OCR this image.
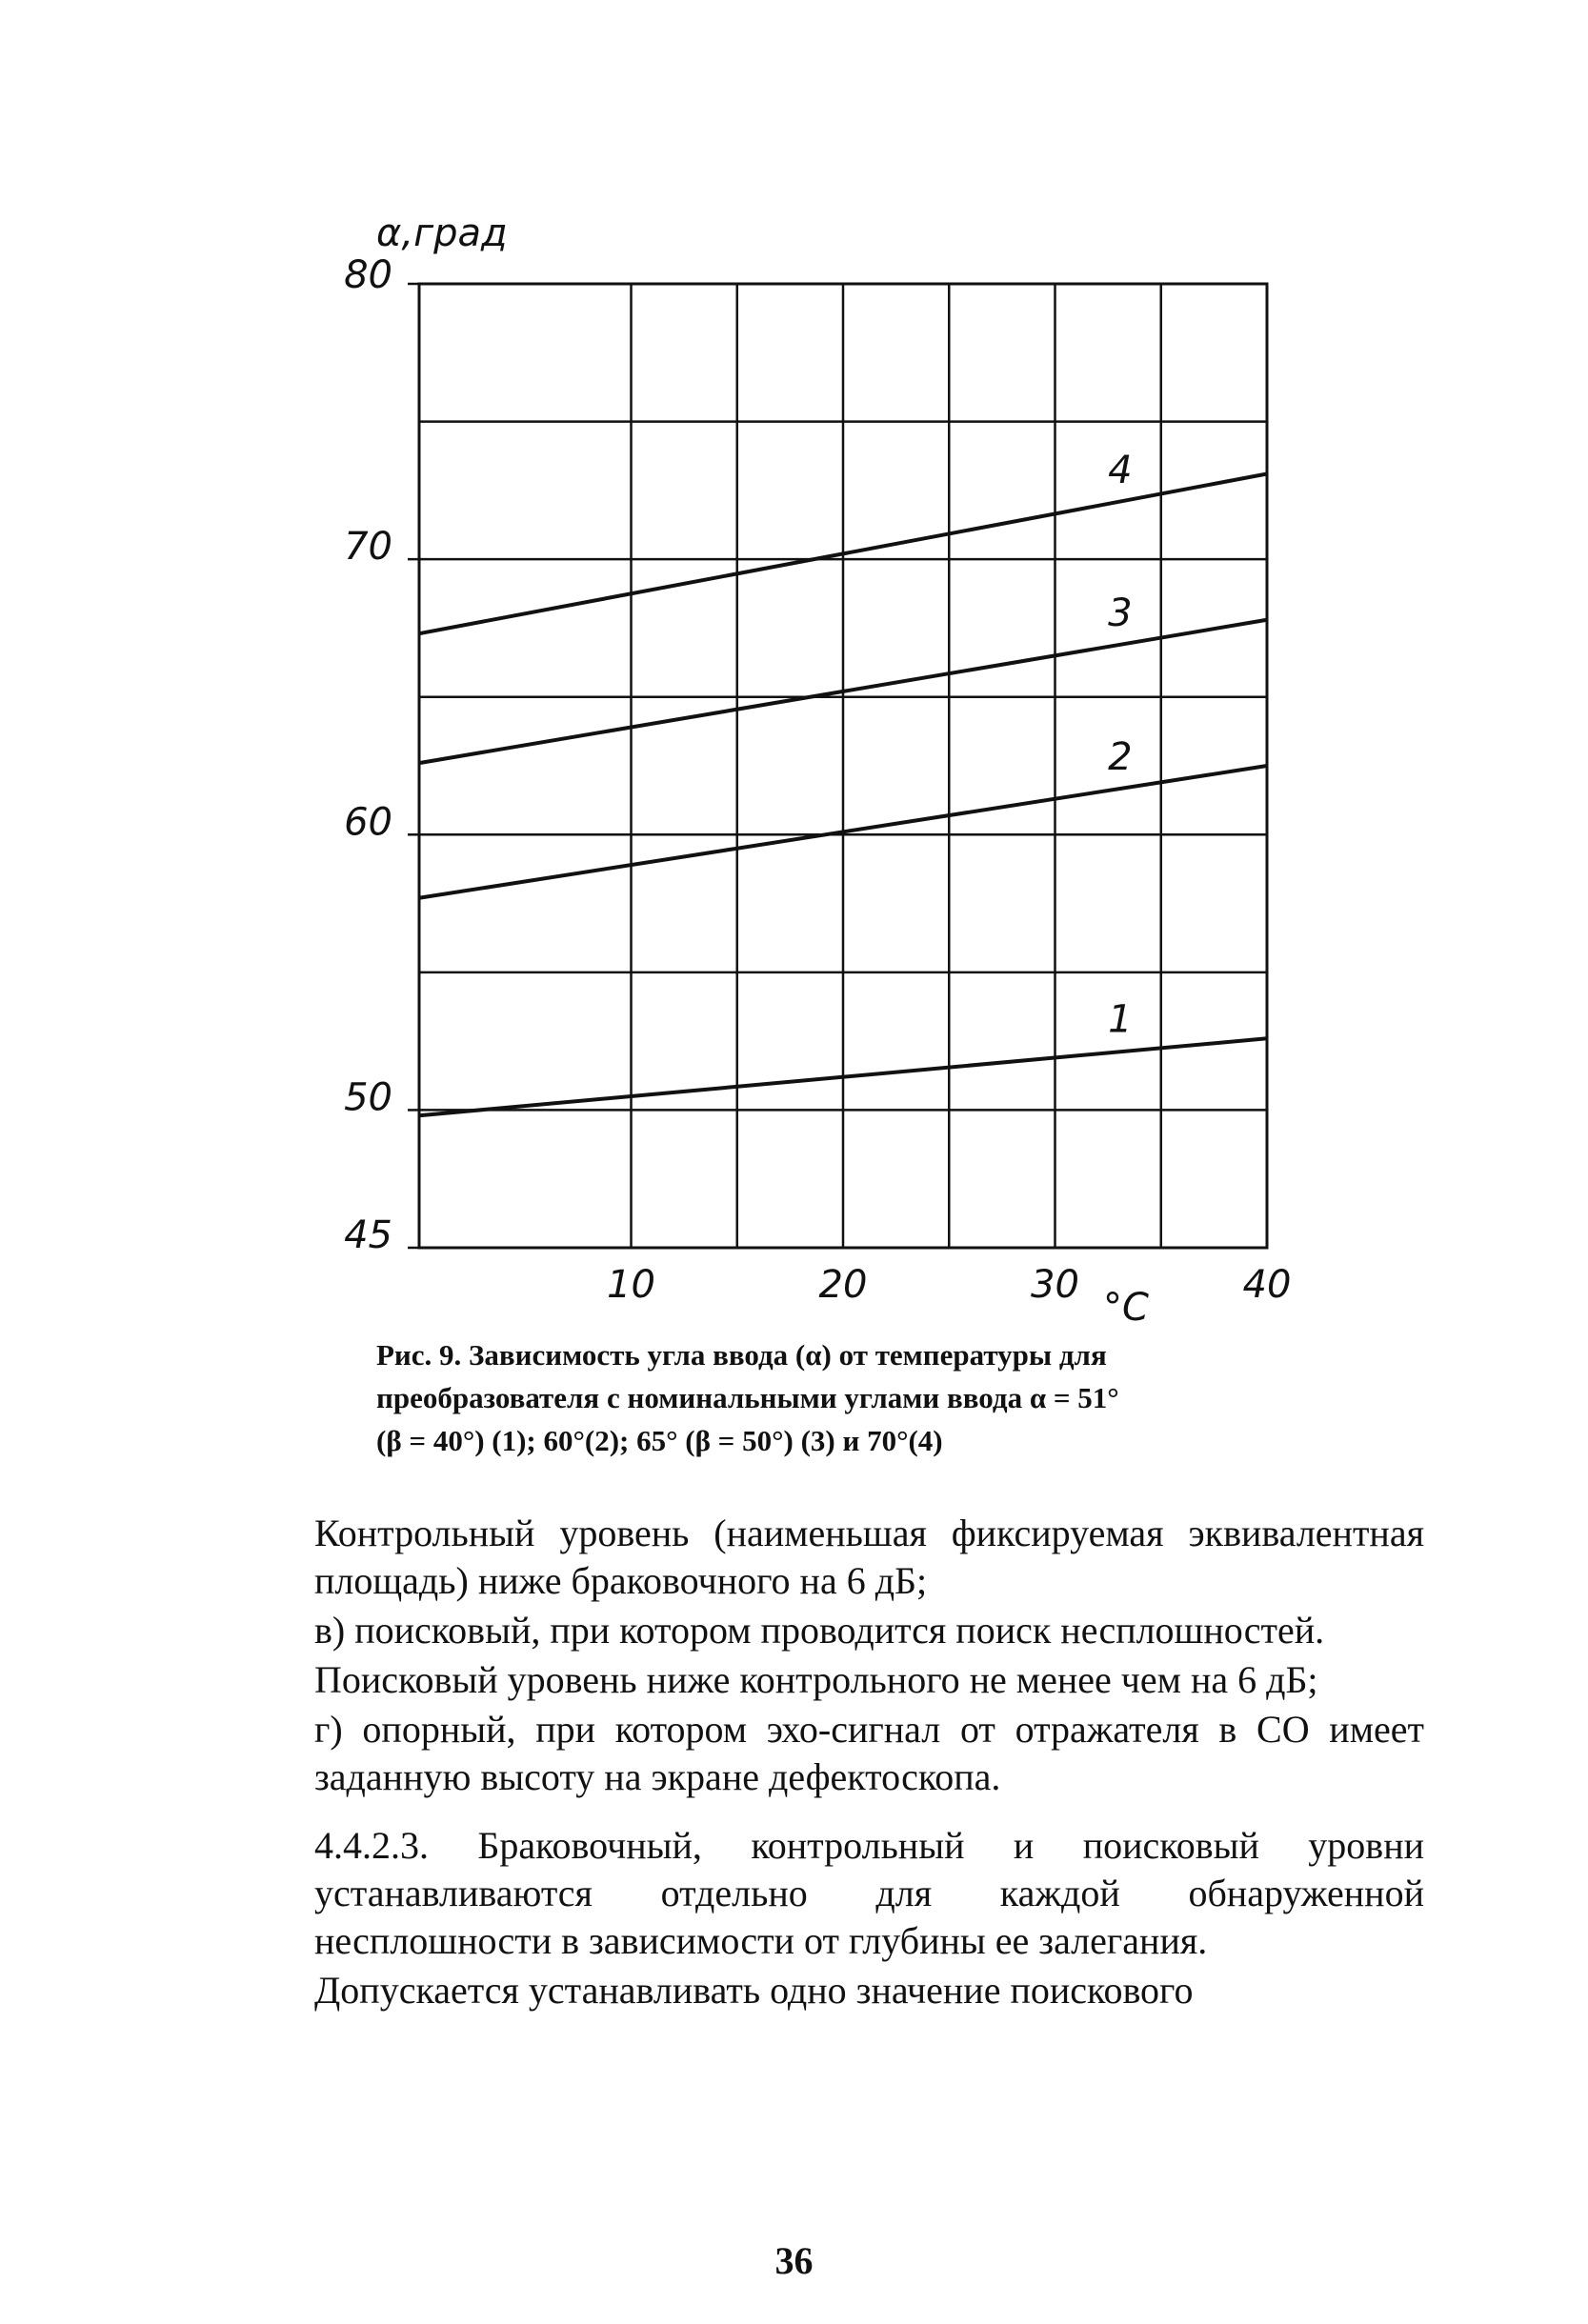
1
2
3
4
80
70
60
50
45
10	20	30	40
α,град
°С

Рис. 9. Зависимость угла ввода (α) от температуры для

преобразователя с номинальными углами ввода α = 51°

(β = 40°) (1); 60°(2); 65° (β = 50°) (3) и 70°(4)

Контрольный уровень (наименьшая фиксируемая эквивалентная площадь) ниже браковочного на 6 дБ;

в) поисковый, при котором проводится поиск несплошностей.

Поисковый уровень ниже контрольного не менее чем на 6 дБ;

г) опорный, при котором эхо-сигнал от отражателя в СО имеет заданную высоту на экране дефектоскопа.

4.4.2.3. Браковочный, контрольный и поисковый уровни устанавливаются отдельно для каждой обнаруженной несплошности в зависимости от глубины ее залегания.

Допускается устанавливать одно значение поискового

36
